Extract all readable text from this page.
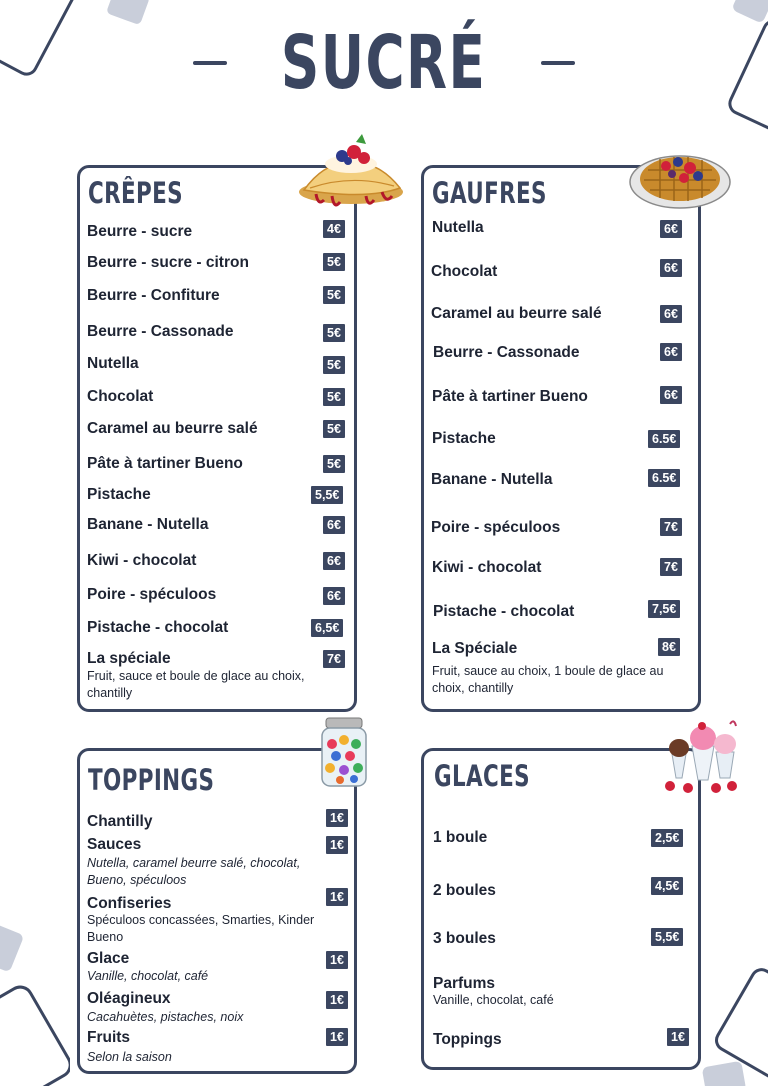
SUCRÉ
CRÊPES	GAUFRES
TOPPINGS	GLACES
Beurre - sucre	4€
Beurre - sucre - citron	5€
Beurre - Confiture	5€
Beurre - Cassonade	5€
Nutella	5€
Chocolat	5€
Caramel au beurre salé	5€
Pâte à tartiner Bueno	5€
Pistache	5,5€
Banane - Nutella	6€
Kiwi - chocolat	6€
Poire - spéculoos	6€
Pistache - chocolat	6,5€
La spéciale	7€
Fruit, sauce et boule de glace au choix, chantilly
Nutella	6€
Chocolat	6€
Caramel au beurre salé	6€
Beurre - Cassonade	6€
Pâte à tartiner Bueno	6€
Pistache	6.5€
Banane - Nutella	6.5€
Poire - spéculoos	7€
Kiwi - chocolat	7€
Pistache - chocolat	7,5€
La Spéciale	8€
Fruit, sauce au choix, 1 boule de glace au choix, chantilly
Chantilly	1€
Sauces	1€
Nutella, caramel beurre salé, chocolat, Bueno, spéculoos
Confiseries	1€
Spéculoos concassées, Smarties, Kinder Bueno
Glace	1€
Vanille, chocolat, café
Oléagineux	1€
Cacahuètes, pistaches, noix
Fruits	1€
Selon la saison
1 boule	2,5€
2 boules	4,5€
3 boules	5,5€
Parfums
Vanille, chocolat, café
Toppings	1€
